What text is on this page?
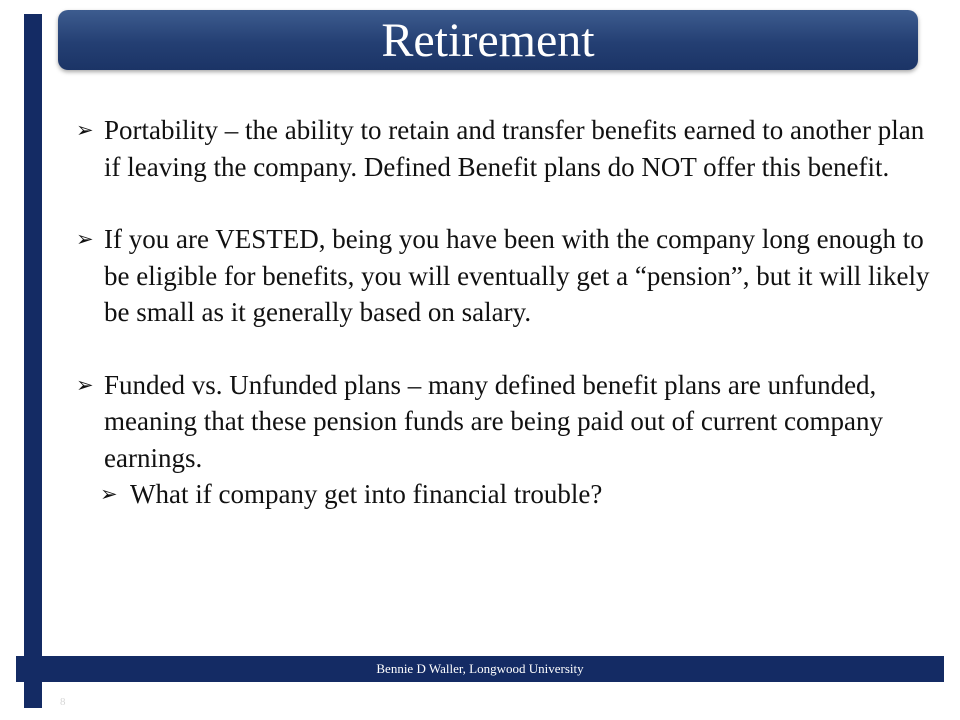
Retirement

➢ Portability – the ability to retain and transfer benefits earned to another plan if leaving the company. Defined Benefit plans do NOT offer this benefit.

➢ If you are VESTED, being you have been with the company long enough to be eligible for benefits, you will eventually get a “pension”, but it will likely be small as it generally based on salary.

➢ Funded vs. Unfunded plans – many defined benefit plans are unfunded, meaning that these pension funds are being paid out of current company earnings.

➢ What if company get into financial trouble?

Bennie D Waller, Longwood University
8
